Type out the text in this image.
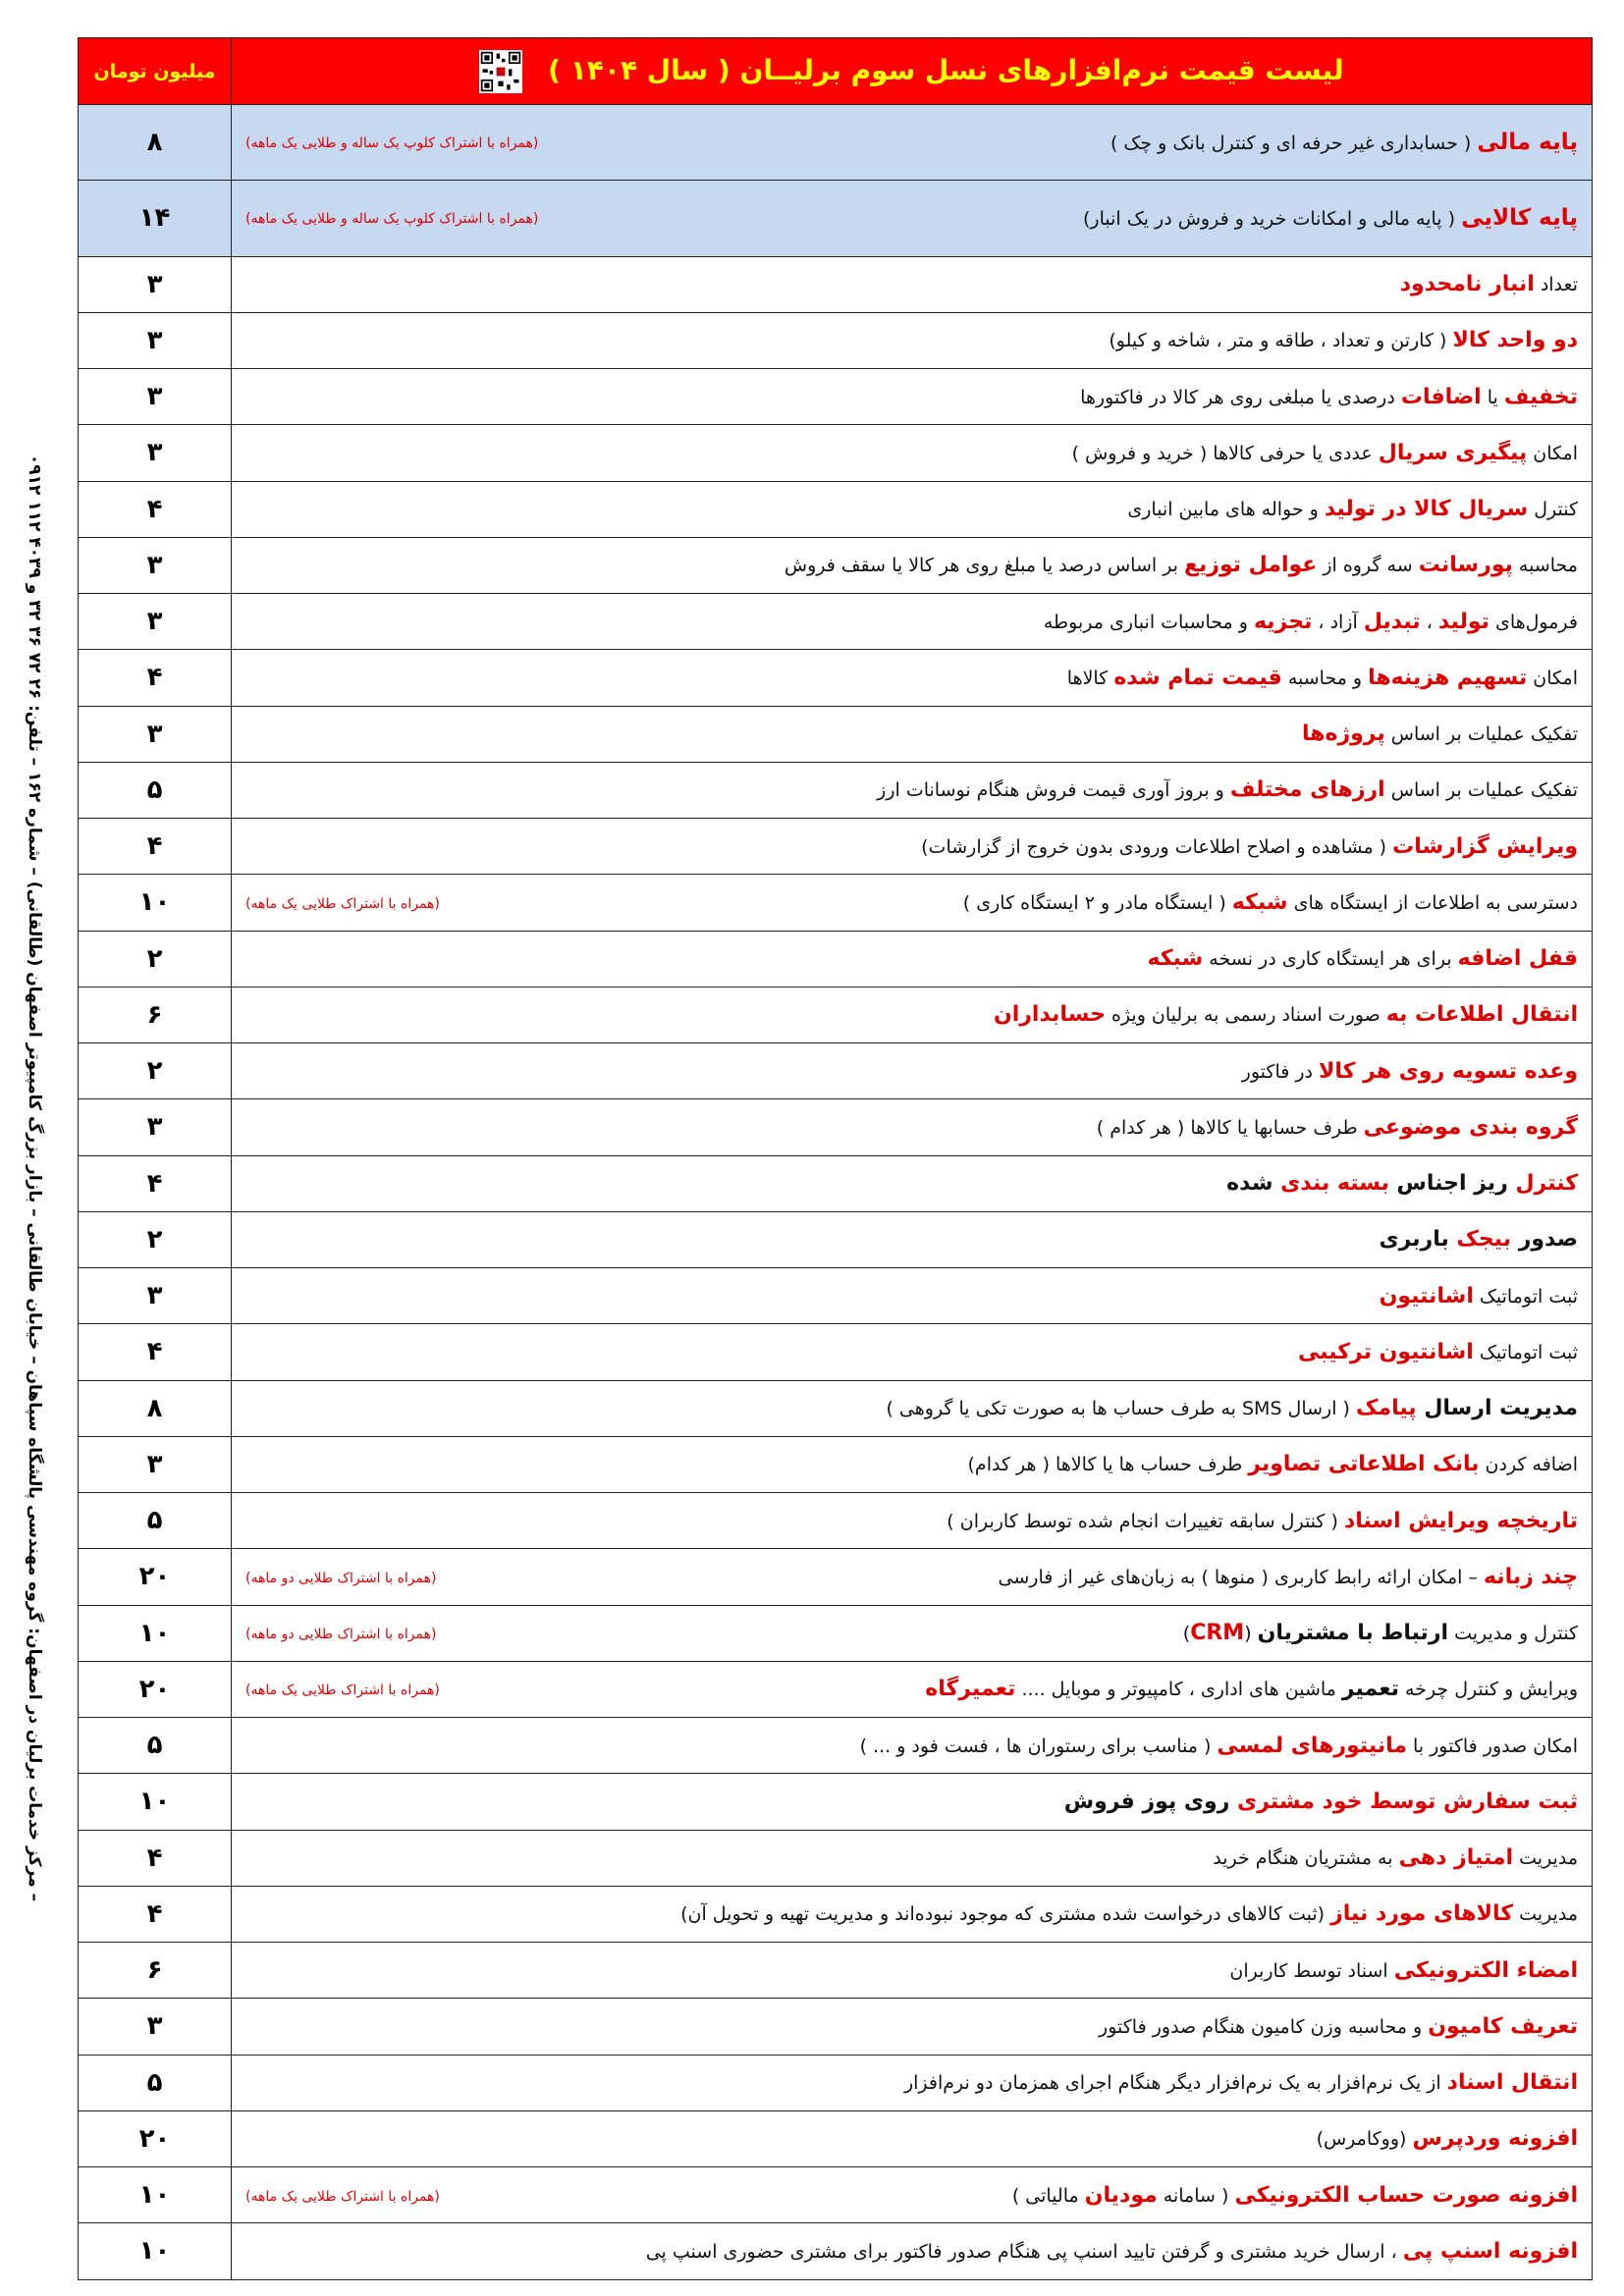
مرکز خدمات برلیان در اصفهان: گروه مهندسی پالشگاه سپاهان – خیابان طالقانی – بازار بزرگ کامپیوتر اصفهان (طالقانی) – شماره ۱۶۲ – تلفن: ۲۶ ۷۲ ۳۶ ۳۲ و ۴۰۳۹ ۱۱۲ ۰۹۱۲ –
لیست قیمت نرم‌افزارهای نسل سوم برلیــان ( سال ۱۴۰۴ )	میلیون تومان

(همراه با اشتراک کلوپ یک ساله و طلایی یک ماهه) پایه مالی ( حسابداری غیر حرفه ای و کنترل بانک و چک )	۸

(همراه با اشتراک کلوپ یک ساله و طلایی یک ماهه) پایه کالایی ( پایه مالی و امکانات خرید و فروش در یک انبار)	۱۴
تعداد انبار نامحدود	۳
دو واحد کالا ( کارتن و تعداد ، طاقه و متر ، شاخه و کیلو)	۳
تخفیف یا اضافات درصدی یا مبلغی روی هر کالا در فاکتورها	۳
امکان پیگیری سریال عددی یا حرفی کالاها ( خرید و فروش )	۳
کنترل سریال کالا در تولید و حواله های مابین انباری	۴
محاسبه پورسانت سه گروه از عوامل توزیع بر اساس درصد یا مبلغ روی هر کالا یا سقف فروش	۳
فرمول‌های تولید ، تبدیل آزاد ، تجزیه و محاسبات انباری مربوطه	۳
امکان تسهیم هزینه‌ها و محاسبه قیمت تمام شده کالاها	۴
تفکیک عملیات بر اساس پروژه‌ها	۳
تفکیک عملیات بر اساس ارزهای مختلف و بروز آوری قیمت فروش هنگام نوسانات ارز	۵
ویرایش گزارشات ( مشاهده و اصلاح اطلاعات ورودی بدون خروج از گزارشات)	۴

(همراه با اشتراک طلایی یک ماهه) دسترسی به اطلاعات از ایستگاه های شبکه ( ایستگاه مادر و ۲ ایستگاه کاری )	۱۰
قفل اضافه برای هر ایستگاه کاری در نسخه شبکه	۲
انتقال اطلاعات به صورت اسناد رسمی به برلیان ویژه حسابداران	۶
وعده تسویه روی هر کالا در فاکتور	۲
گروه بندی موضوعی طرف حسابها یا کالاها ( هر کدام )	۳
کنترل ریز اجناس بسته بندی شده	۴
صدور بیجک باربری	۲
ثبت اتوماتیک اشانتیون	۳
ثبت اتوماتیک اشانتیون ترکیبی	۴
مدیریت ارسال پیامک ( ارسال SMS به طرف حساب ها به صورت تکی یا گروهی )	۸
اضافه کردن بانک اطلاعاتی تصاویر طرف حساب ها یا کالاها ( هر کدام)	۳
تاریخچه ویرایش اسناد ( کنترل سابقه تغییرات انجام شده توسط کاربران )	۵

(همراه با اشتراک طلایی دو ماهه) چند زبانه – امکان ارائه رابط کاربری ( منوها ) به زبان‌های غیر از فارسی	۲۰

(همراه با اشتراک طلایی دو ماهه) کنترل و مدیریت ارتباط با مشتریان (CRM)	۱۰

(همراه با اشتراک طلایی یک ماهه) ویرایش و کنترل چرخه تعمیر ماشین های اداری ، کامپیوتر و موبایل .... تعمیرگاه	۲۰
امکان صدور فاکتور با مانیتورهای لمسی ( مناسب برای رستوران ها ، فست فود و ... )	۵
ثبت سفارش توسط خود مشتری روی پوز فروش	۱۰
مدیریت امتیاز دهی به مشتریان هنگام خرید	۴
مدیریت کالاهای مورد نیاز (ثبت کالاهای درخواست شده مشتری که موجود نبوده‌اند و مدیریت تهیه و تحویل آن)	۴
امضاء الکترونیکی اسناد توسط کاربران	۶
تعریف کامیون و محاسبه وزن کامیون هنگام صدور فاکتور	۳
انتقال اسناد از یک نرم‌افزار به یک نرم‌افزار دیگر هنگام اجرای همزمان دو نرم‌افزار	۵
افزونه وردپرس (ووکامرس)	۲۰

(همراه با اشتراک طلایی یک ماهه) افزونه صورت حساب الکترونیکی ( سامانه مودیان مالیاتی )	۱۰
افزونه اسنپ پی ، ارسال خرید مشتری و گرفتن تایید اسنپ پی هنگام صدور فاکتور برای مشتری حضوری اسنپ پی	۱۰
